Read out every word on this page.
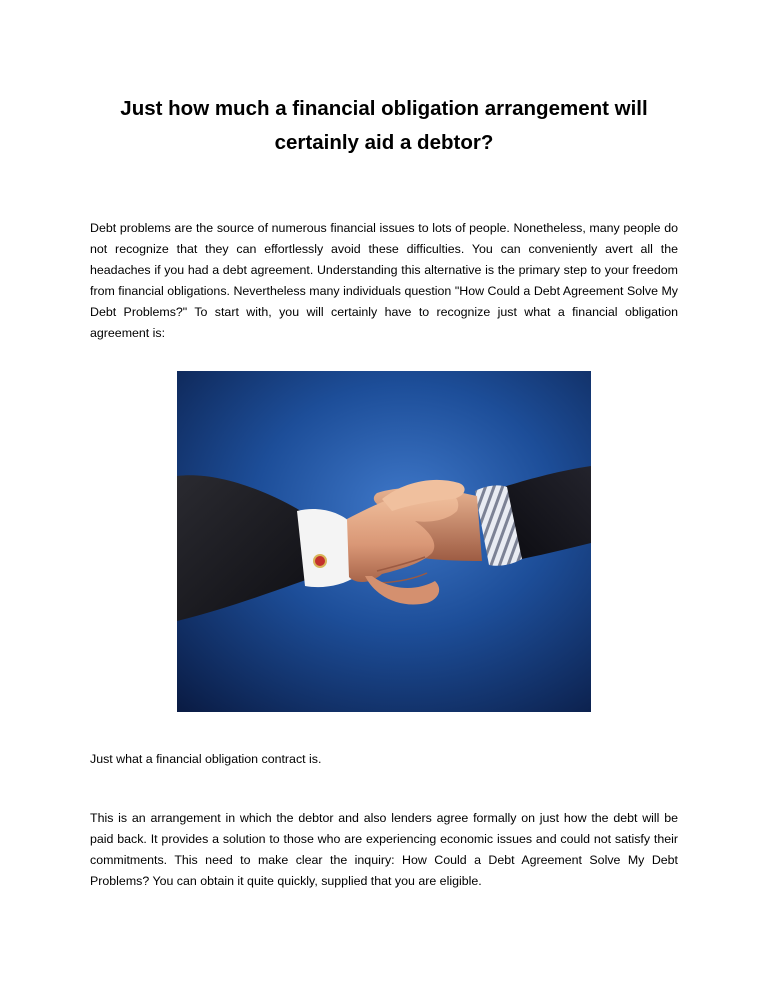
Just how much a financial obligation arrangement will certainly aid a debtor?

Debt problems are the source of numerous financial issues to lots of people. Nonetheless, many people do not recognize that they can effortlessly avoid these difficulties. You can conveniently avert all the headaches if you had a debt agreement. Understanding this alternative is the primary step to your freedom from financial obligations. Nevertheless many individuals question "How Could a Debt Agreement Solve My Debt Problems?" To start with, you will certainly have to recognize just what a financial obligation agreement is:

Just what a financial obligation contract is.

This is an arrangement in which the debtor and also lenders agree formally on just how the debt will be paid back. It provides a solution to those who are experiencing economic issues and could not satisfy their commitments. This need to make clear the inquiry: How Could a Debt Agreement Solve My Debt Problems? You can obtain it quite quickly, supplied that you are eligible.
